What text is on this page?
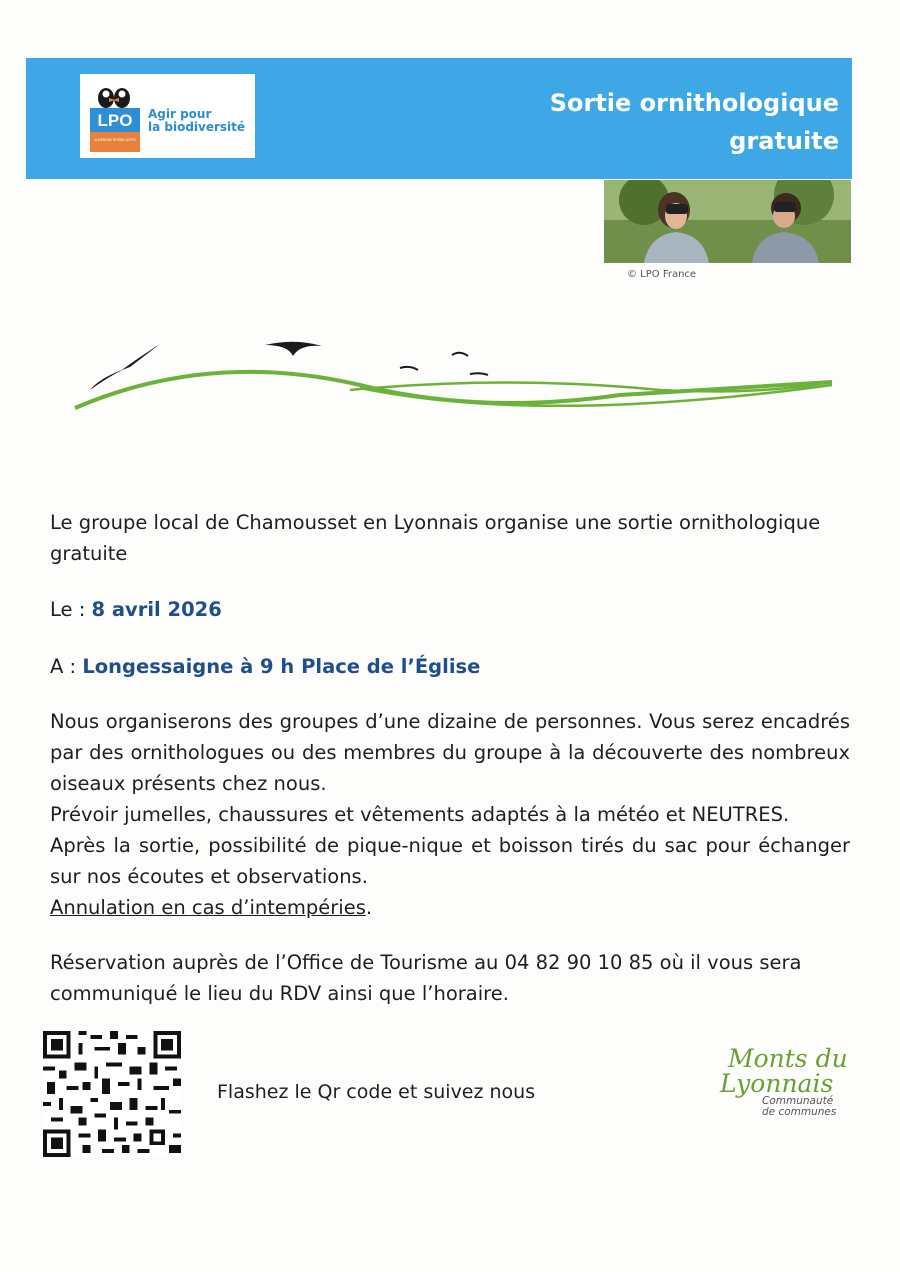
LPO
AUVERGNE RHÔNE-ALPES
Agir pour
la biodiversité
Sortie ornithologique
gratuite
© LPO France
Le groupe local de Chamousset en Lyonnais organise une sortie ornithologique gratuite
Le : 8 avril 2026
A : Longessaigne à 9 h Place de l’Église

Nous organiserons des groupes d’une dizaine de personnes. Vous serez encadrés par des ornithologues ou des membres du groupe à la découverte des nombreux oiseaux présents chez nous.

Prévoir jumelles, chaussures et vêtements adaptés à la météo et NEUTRES.

Après la sortie, possibilité de pique-nique et boisson tirés du sac pour échanger sur nos écoutes et observations.

Annulation en cas d’intempéries.

Réservation auprès de l’Office de Tourisme au 04 82 90 10 85 où il vous sera communiqué le lieu du RDV ainsi que l’horaire.
Flashez le Qr code et suivez nous
Monts du
Lyonnais
Communauté
de communes
